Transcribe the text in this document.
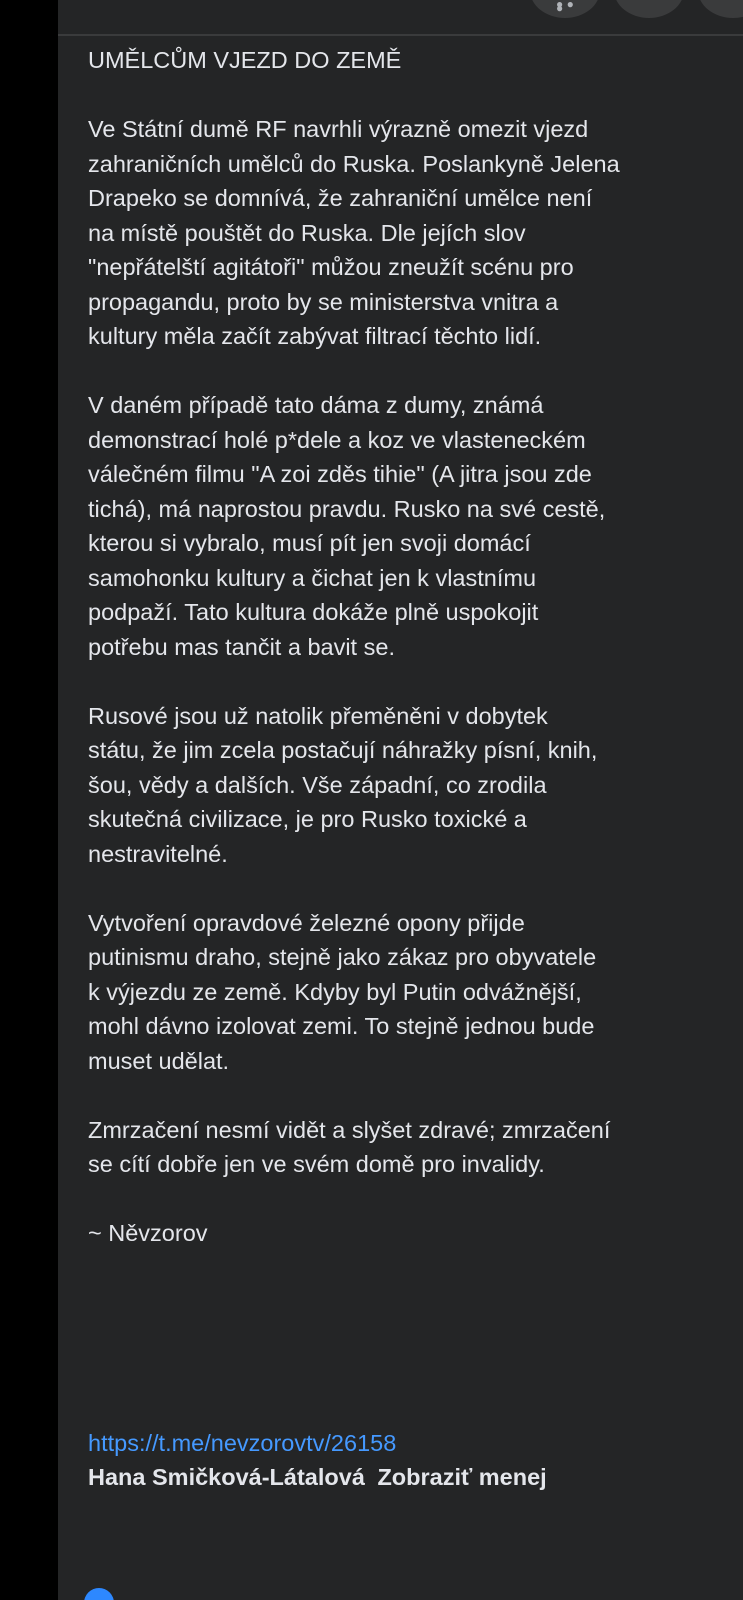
● ● ●

UMĚLCŮM VJEZD DO ZEMĚ

Ve Státní dumě RF navrhli výrazně omezit vjezd
zahraničních umělců do Ruska. Poslankyně Jelena
Drapeko se domnívá, že zahraniční umělce není
na místě pouštět do Ruska. Dle jejích slov
"nepřátelští agitátoři" můžou zneužít scénu pro
propagandu, proto by se ministerstva vnitra a
kultury měla začít zabývat filtrací těchto lidí.

V daném případě tato dáma z dumy, známá
demonstrací holé p*dele a koz ve vlasteneckém
válečném filmu "A zoi zděs tihie" (A jitra jsou zde
tichá), má naprostou pravdu. Rusko na své cestě,
kterou si vybralo, musí pít jen svoji domácí
samohonku kultury a čichat jen k vlastnímu
podpaží. Tato kultura dokáže plně uspokojit
potřebu mas tančit a bavit se.

Rusové jsou už natolik přeměněni v dobytek
státu, že jim zcela postačují náhražky písní, knih,
šou, vědy a dalších. Vše západní, co zrodila
skutečná civilizace, je pro Rusko toxické a
nestravitelné.

Vytvoření opravdové železné opony přijde
putinismu draho, stejně jako zákaz pro obyvatele
k výjezdu ze země. Kdyby byl Putin odvážnější,
mohl dávno izolovat zemi. To stejně jednou bude
muset udělat.

Zmrzačení nesmí vidět a slyšet zdravé; zmrzačení
se cítí dobře jen ve svém domě pro invalidy.

~ Něvzorov

https://t.me/nevzorovtv/26158
Hana Smičková-Látalová Zobraziť menej
